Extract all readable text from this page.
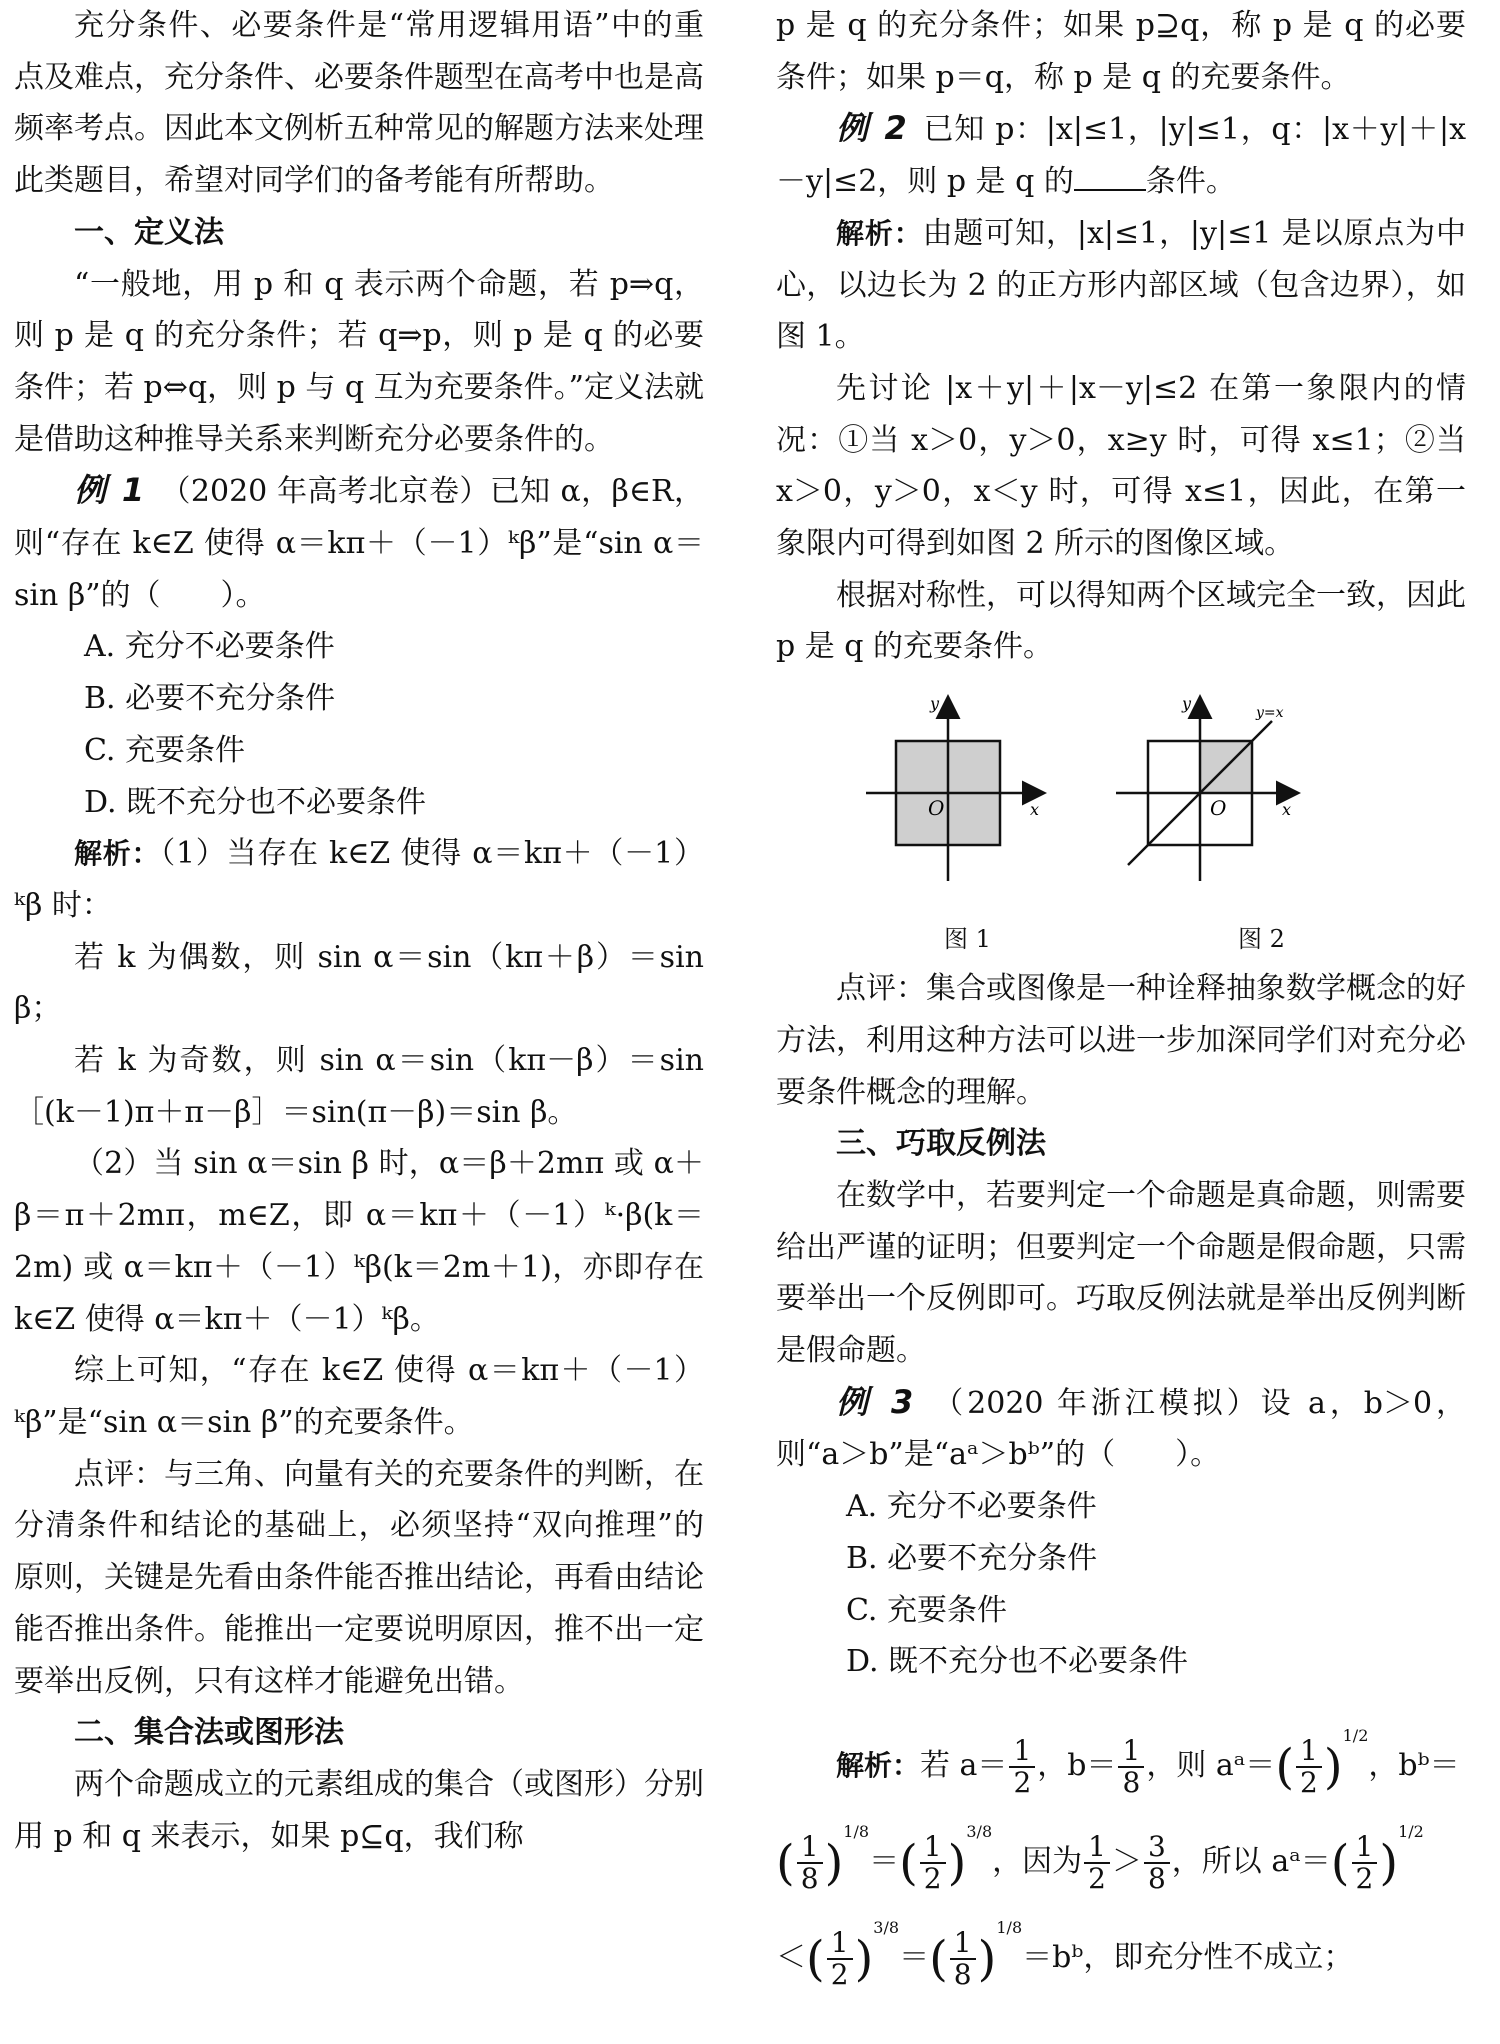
充分条件、必要条件是“常用逻辑用语”中的重点及难点，充分条件、必要条件题型在高考中也是高频率考点。因此本文例析五种常见的解题方法来处理此类题目，希望对同学们的备考能有所帮助。

一、定义法

“一般地，用 p 和 q 表示两个命题，若 p⇒q，则 p 是 q 的充分条件；若 q⇒p，则 p 是 q 的必要条件；若 p⇔q，则 p 与 q 互为充要条件。”定义法就是借助这种推导关系来判断充分必要条件的。

例 1 （2020 年高考北京卷）已知 α，β∈R，则“存在 k∈Z 使得 α＝kπ＋（－1）ᵏβ”是“sin α＝sin β”的（　　）。

A. 充分不必要条件
B. 必要不充分条件
C. 充要条件
D. 既不充分也不必要条件

解析：（1）当存在 k∈Z 使得 α＝kπ＋（－1）ᵏβ 时：

若 k 为偶数，则 sin α＝sin（kπ＋β）＝sin β；

若 k 为奇数，则 sin α＝sin（kπ－β）＝sin［(k－1)π＋π－β］＝sin(π－β)＝sin β。

（2）当 sin α＝sin β 时，α＝β＋2mπ 或 α＋β＝π＋2mπ，m∈Z，即 α＝kπ＋（－1）ᵏ·β(k＝2m) 或 α＝kπ＋（－1）ᵏβ(k＝2m＋1)，亦即存在 k∈Z 使得 α＝kπ＋（－1）ᵏβ。

综上可知，“存在 k∈Z 使得 α＝kπ＋（－1）ᵏβ”是“sin α＝sin β”的充要条件。

点评：与三角、向量有关的充要条件的判断，在分清条件和结论的基础上，必须坚持“双向推理”的原则，关键是先看由条件能否推出结论，再看由结论能否推出条件。能推出一定要说明原因，推不出一定要举出反例，只有这样才能避免出错。

二、集合法或图形法

两个命题成立的元素组成的集合（或图形）分别用 p 和 q 来表示，如果 p⊆q，我们称

p 是 q 的充分条件；如果 p⊇q，称 p 是 q 的必要条件；如果 p＝q，称 p 是 q 的充要条件。

例 2 已知 p：|x|≤1，|y|≤1，q：|x＋y|＋|x－y|≤2，则 p 是 q 的 条件。

解析：由题可知，|x|≤1，|y|≤1 是以原点为中心，以边长为 2 的正方形内部区域（包含边界），如图 1。

先讨论 |x＋y|＋|x－y|≤2 在第一象限内的情况：①当 x＞0，y＞0，x≥y 时，可得 x≤1；②当 x＞0，y＞0，x＜y 时，可得 x≤1，因此，在第一象限内可得到如图 2 所示的图像区域。

根据对称性，可以得知两个区域完全一致，因此 p 是 q 的充要条件。

x
y
O	x
y
O
y=x
图 1	图 2

点评：集合或图像是一种诠释抽象数学概念的好方法，利用这种方法可以进一步加深同学们对充分必要条件概念的理解。

三、巧取反例法

在数学中，若要判定一个命题是真命题，则需要给出严谨的证明；但要判定一个命题是假命题，只需要举出一个反例即可。巧取反例法就是举出反例判断是假命题。

例 3 （2020 年浙江模拟）设 a，b＞0，则“a＞b”是“aᵃ＞bᵇ”的（　　）。

A. 充分不必要条件
B. 必要不充分条件
C. 充要条件
D. 既不充分也不必要条件
解析：若 $a= \frac{1}{2}$ ，$b= \frac{1}{8}$ ，则 aᵃ＝( $\frac{1}{2} )^{1/2}$，bᵇ＝
( $\frac{1}{8} )^{1/8}=( \frac{1}{2} )^{3/8}$，因为 $\frac{1}{2} > \frac{3}{8}$ ，所以 aᵃ＝( $\frac{1}{2} )^{1/2}$
＜( $\frac{1}{2} )^{3/8}=( \frac{1}{8}$ )$^{1/8}=bᵇ$，即充分性不成立；
